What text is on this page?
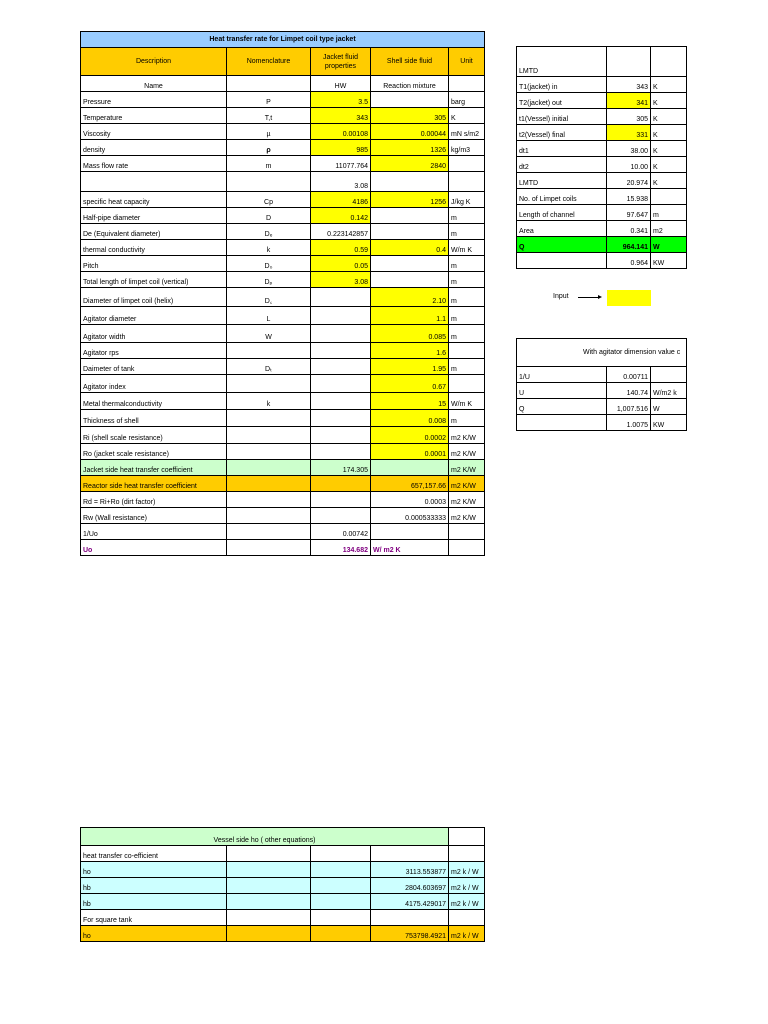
Heat transfer rate for Limpet coil type jacket				
Description	Nomenclature	Jacket fluid properties	Shell side fluid	Unit
Name		HW	Reaction mixture	
Pressure	P	3.5		barg
Temperature	T,t	343	305	K
Viscosity	µ	0.00108	0.00044	mN s/m2
density	ρ	985	1326	kg/m3
Mass flow rate	m	11077.764	2840	
		3.08		
specific heat capacity	Cp	4186	1256	J/kg K
Half-pipe diameter	D	0.142		m
De (Equivalent diameter)	Dₑ	0.223142857		m
thermal conductivity	k	0.59	0.4	W/m K
Pitch	D₀	0.05		m
Total length of limpet coil (vertical)	Dₚ	3.08		m
Diameter of limpet coil (helix)	D꜀		2.10	m
Agitator diameter	L		1.1	m
Agitator width	W		0.085	m
Agitator rps			1.6	
Daimeter of tank	Dₜ		1.95	m
Agitator index			0.67	
Metal thermalconductivity	k		15	W/m K
Thickness of shell			0.008	m
Ri (shell scale resistance)			0.0002	m2 K/W
Ro (jacket scale resistance)			0.0001	m2 K/W
Jacket side heat transfer coefficient		174.305		m2 K/W
Reactor side heat transfer coefficient			657,157.66	m2 K/W
Rd = Ri+Ro (dirt factor)			0.0003	m2 K/W
Rw (Wall resistance)			0.000533333	m2 K/W
1/Uo		0.00742		
Uo		134.682	W/ m2 K	
LMTD		
T1(jacket) in	343	K
T2(jacket) out	341	K
t1(Vessel) initial	305	K
t2(Vessel) final	331	K
dt1	38.00	K
dt2	10.00	K
LMTD	20.974	K
No. of Limpet coils	15.938	
Length of channel	97.647	m
Area	0.341	m2
Q	964.141	W
	0.964	KW
Input
With agitator dimension value c		
1/U	0.00711	
U	140.74	W/m2 k
Q	1,007.516	W
	1.0075	KW
Vessel side ho ( other equations)				
heat transfer co-efficient				
ho			3113.553877	m2 k / W
hb			2804.603697	m2 k / W
hb			4175.429017	m2 k / W
For square tank				
ho			753798.4921	m2 k / W
